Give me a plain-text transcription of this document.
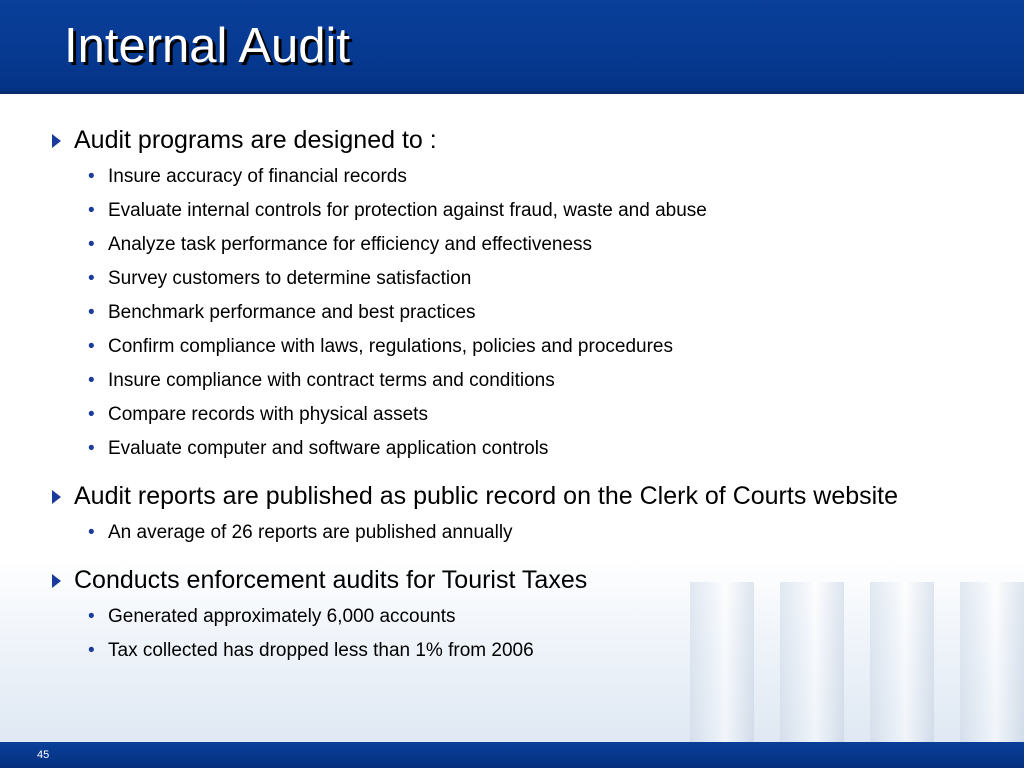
Internal Audit
Audit programs are designed to :
• Insure accuracy of financial records
• Evaluate internal controls for protection against fraud, waste and abuse
• Analyze task performance for efficiency and effectiveness
• Survey customers to determine satisfaction
• Benchmark performance and best practices
• Confirm compliance with laws, regulations, policies and procedures
• Insure compliance with contract terms and conditions
• Compare records with physical assets
• Evaluate computer and software application controls
Audit reports are published as public record on the Clerk of Courts website
• An average of 26 reports are published annually
Conducts enforcement audits for Tourist Taxes
• Generated approximately 6,000 accounts
• Tax collected has dropped less than 1% from 2006
45
